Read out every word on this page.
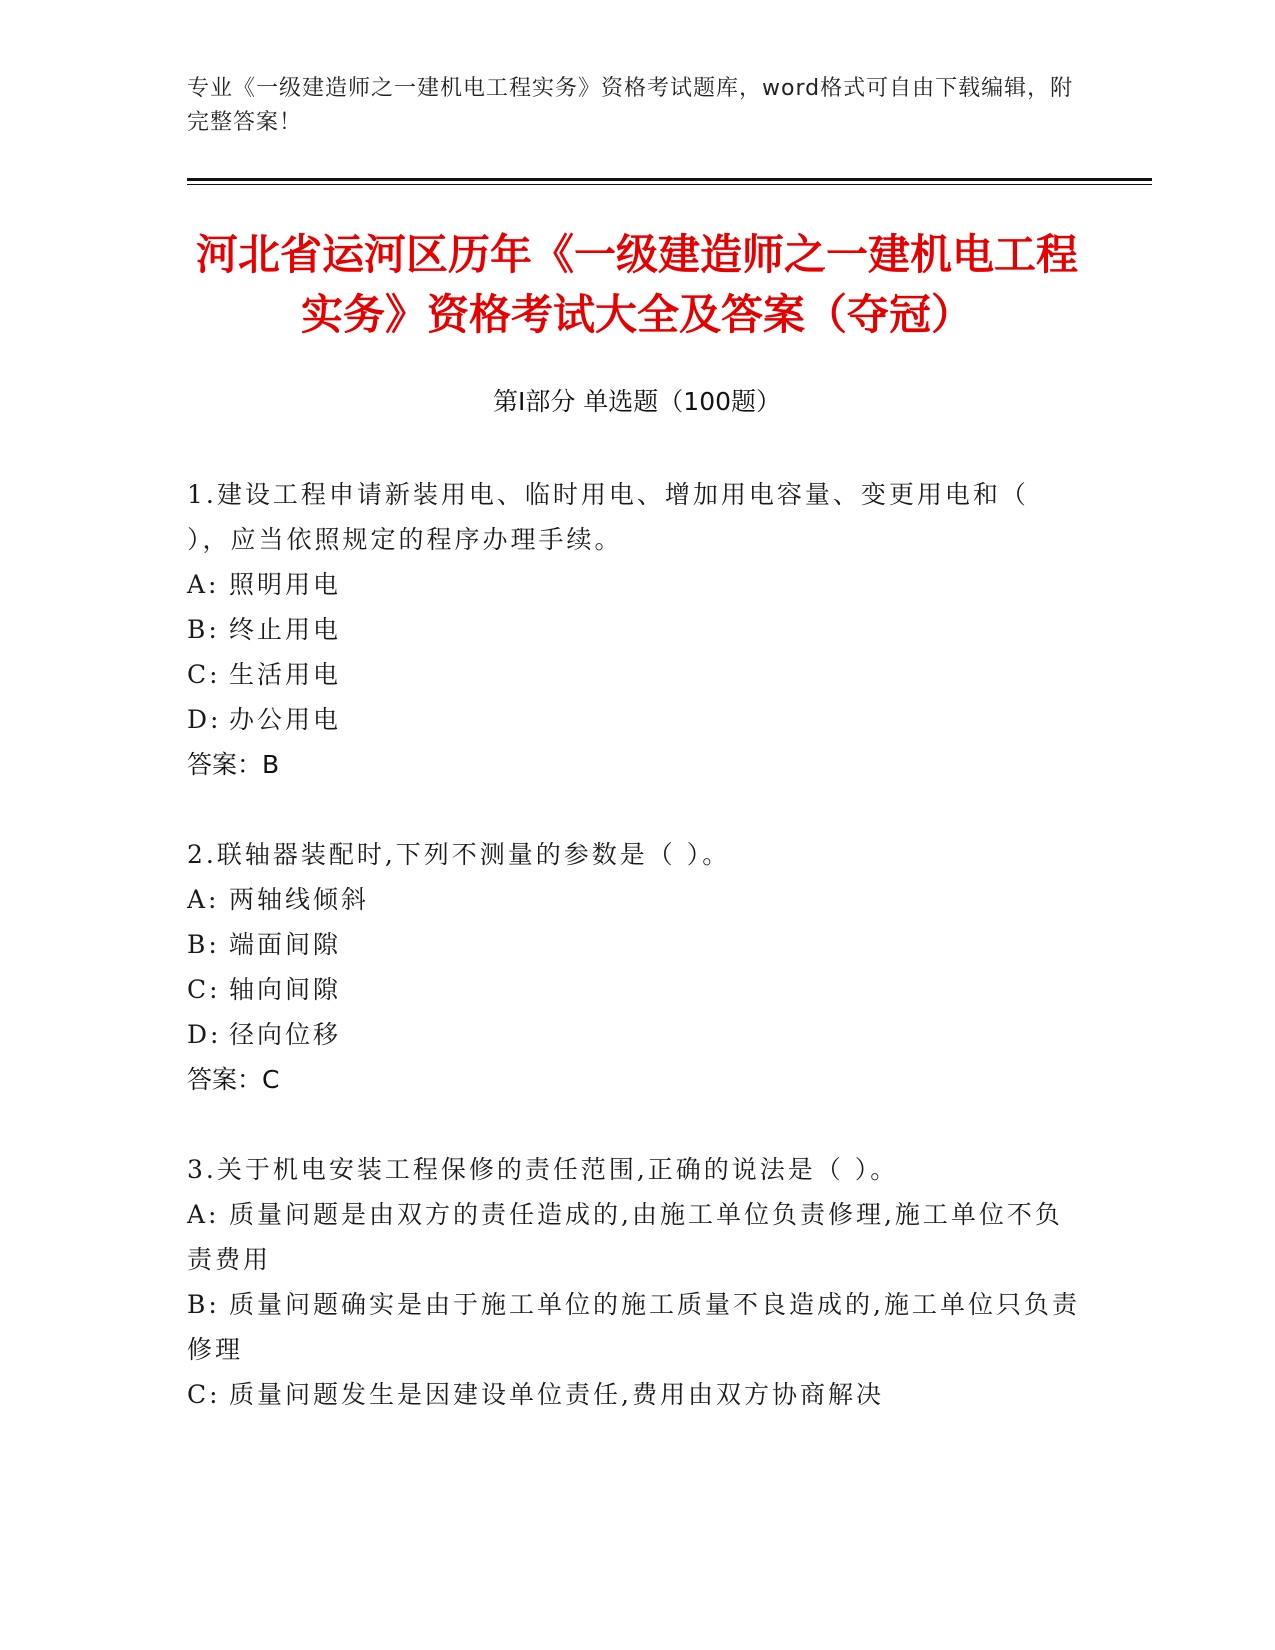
专业《一级建造师之一建机电工程实务》资格考试题库，word格式可自由下载编辑，附完整答案！
河北省运河区历年《一级建造师之一建机电工程实务》资格考试大全及答案（夺冠）
第Ⅰ部分 单选题（100题）
1.建设工程申请新装用电、临时用电、增加用电容量、变更用电和（ ），应当依照规定的程序办理手续。
A: 照明用电
B: 终止用电
C: 生活用电
D: 办公用电
答案：B
2.联轴器装配时,下列不测量的参数是（ ）。
A: 两轴线倾斜
B: 端面间隙
C: 轴向间隙
D: 径向位移
答案：C
3.关于机电安装工程保修的责任范围,正确的说法是（ ）。
A: 质量问题是由双方的责任造成的,由施工单位负责修理,施工单位不负责费用
B: 质量问题确实是由于施工单位的施工质量不良造成的,施工单位只负责修理
C: 质量问题发生是因建设单位责任,费用由双方协商解决
